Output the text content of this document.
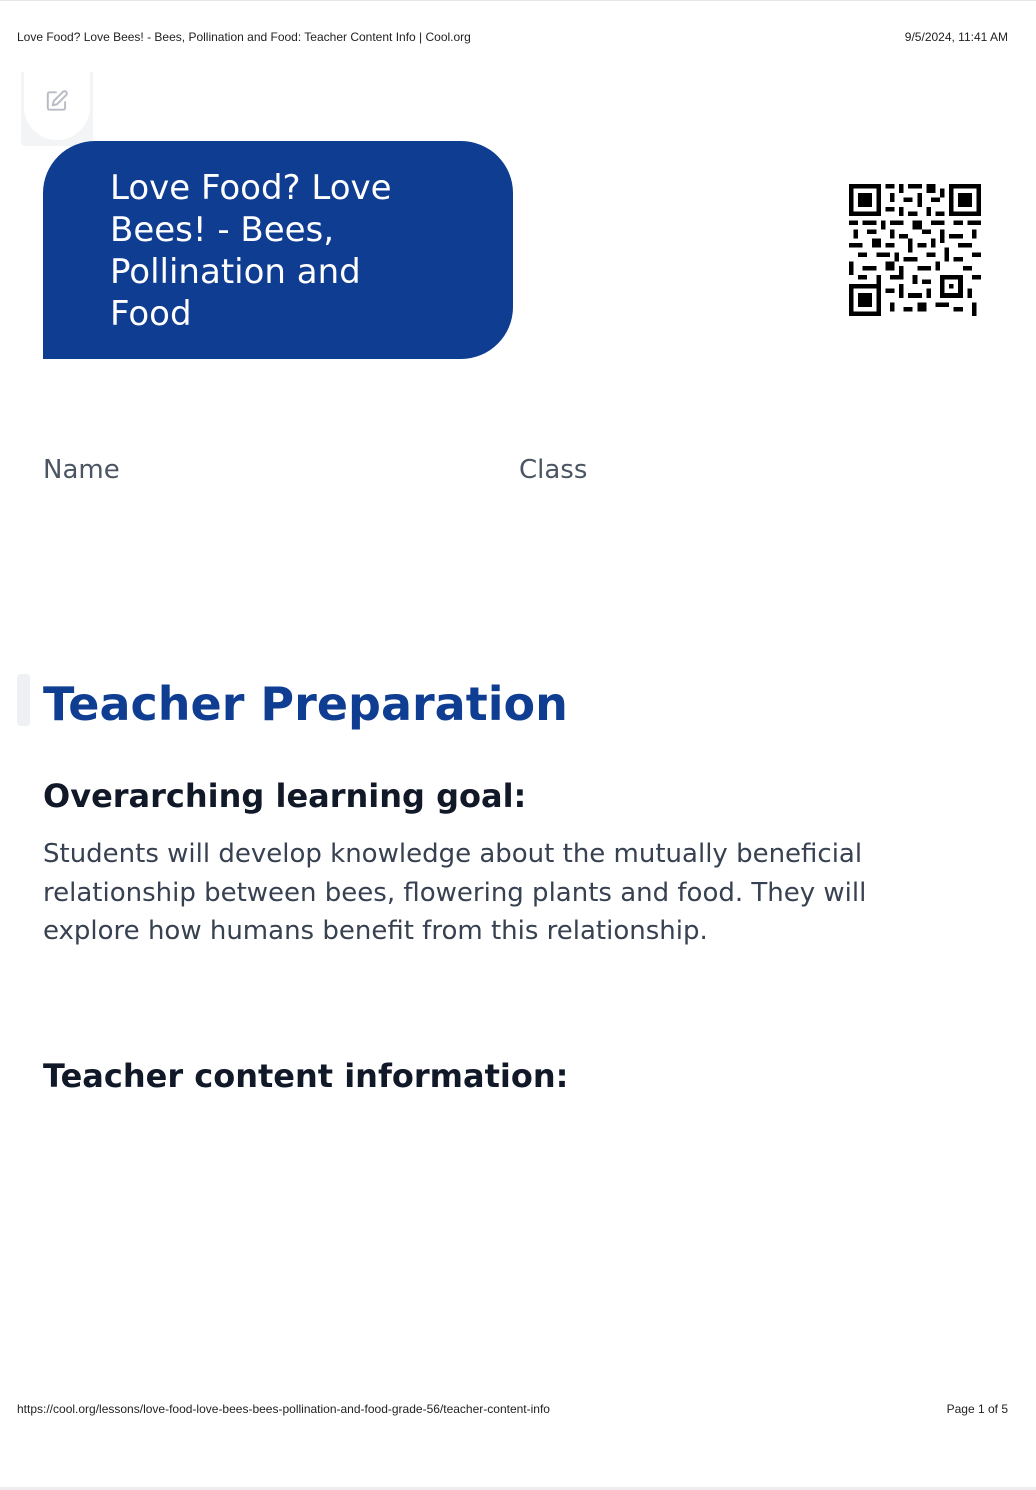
Love Food? Love Bees! - Bees, Pollination and Food: Teacher Content Info | Cool.org	9/5/2024, 11:41 AM
Love Food? Love Bees! - Bees, Pollination and Food
Name	Class
Teacher Preparation
Overarching learning goal:

Students will develop knowledge about the mutually beneficial relationship between bees, flowering plants and food. They will explore how humans benefit from this relationship.

Teacher content information:
https://cool.org/lessons/love-food-love-bees-bees-pollination-and-food-grade-56/teacher-content-info	Page 1 of 5
